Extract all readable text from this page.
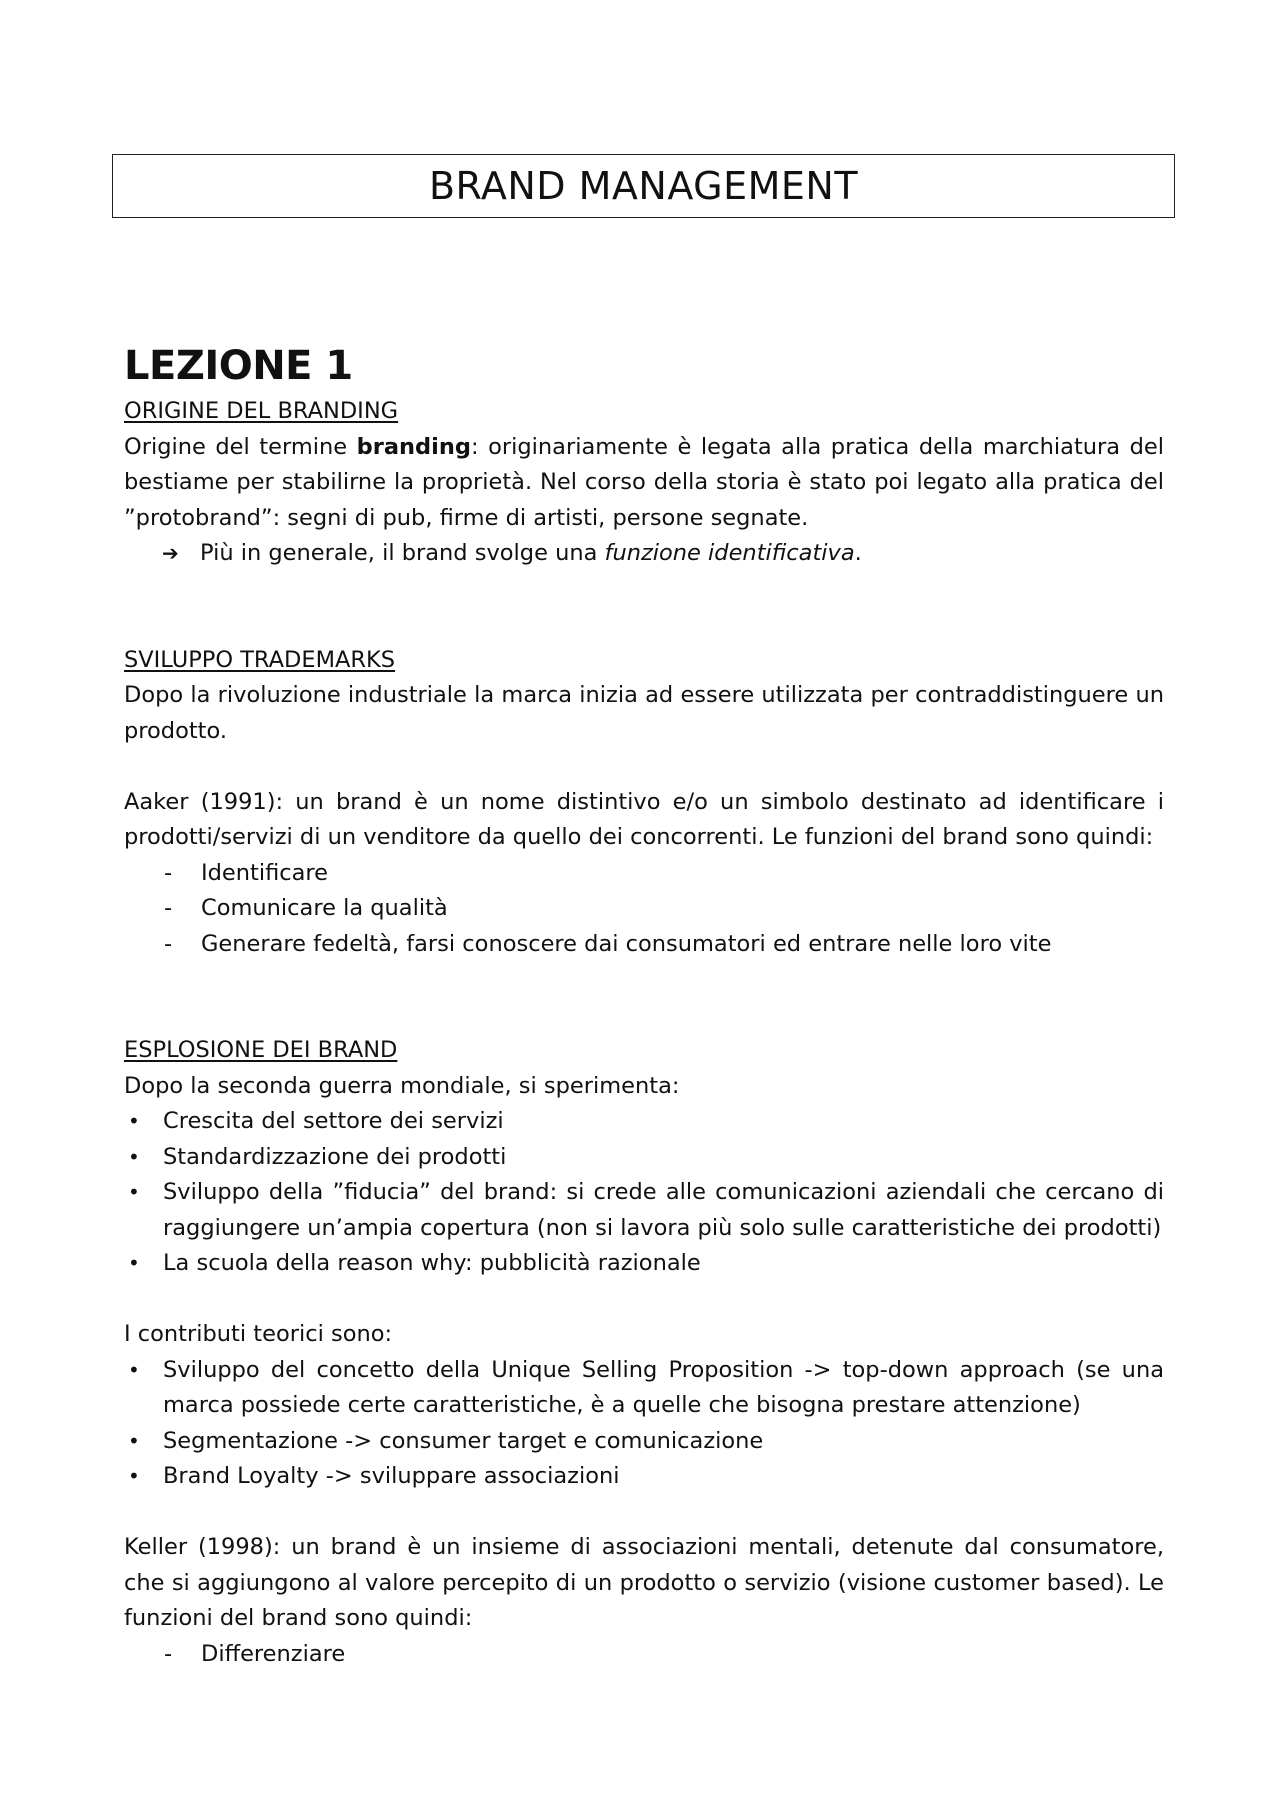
BRAND MANAGEMENT
LEZIONE 1
ORIGINE DEL BRANDING

Origine del termine branding: originariamente è legata alla pratica della marchiatura del bestiame per stabilirne la proprietà. Nel corso della storia è stato poi legato alla pratica del ”protobrand”: segni di pub, firme di artisti, persone segnate.

➔ Più in generale, il brand svolge una funzione identificativa.
SVILUPPO TRADEMARKS

Dopo la rivoluzione industriale la marca inizia ad essere utilizzata per contraddistinguere un prodotto.

Aaker (1991): un brand è un nome distintivo e/o un simbolo destinato ad identificare i prodotti/servizi di un venditore da quello dei concorrenti. Le funzioni del brand sono quindi:

- Identificare
- Comunicare la qualità
- Generare fedeltà, farsi conoscere dai consumatori ed entrare nelle loro vite
ESPLOSIONE DEI BRAND

Dopo la seconda guerra mondiale, si sperimenta:

• Crescita del settore dei servizi
• Standardizzazione dei prodotti
• Sviluppo della ”fiducia” del brand: si crede alle comunicazioni aziendali che cercano di raggiungere un’ampia copertura (non si lavora più solo sulle caratteristiche dei prodotti)
• La scuola della reason why: pubblicità razionale

I contributi teorici sono:

• Sviluppo del concetto della Unique Selling Proposition -> top-down approach (se una marca possiede certe caratteristiche, è a quelle che bisogna prestare attenzione)
• Segmentazione -> consumer target e comunicazione
• Brand Loyalty -> sviluppare associazioni

Keller (1998): un brand è un insieme di associazioni mentali, detenute dal consumatore, che si aggiungono al valore percepito di un prodotto o servizio (visione customer based). Le funzioni del brand sono quindi:

- Differenziare
